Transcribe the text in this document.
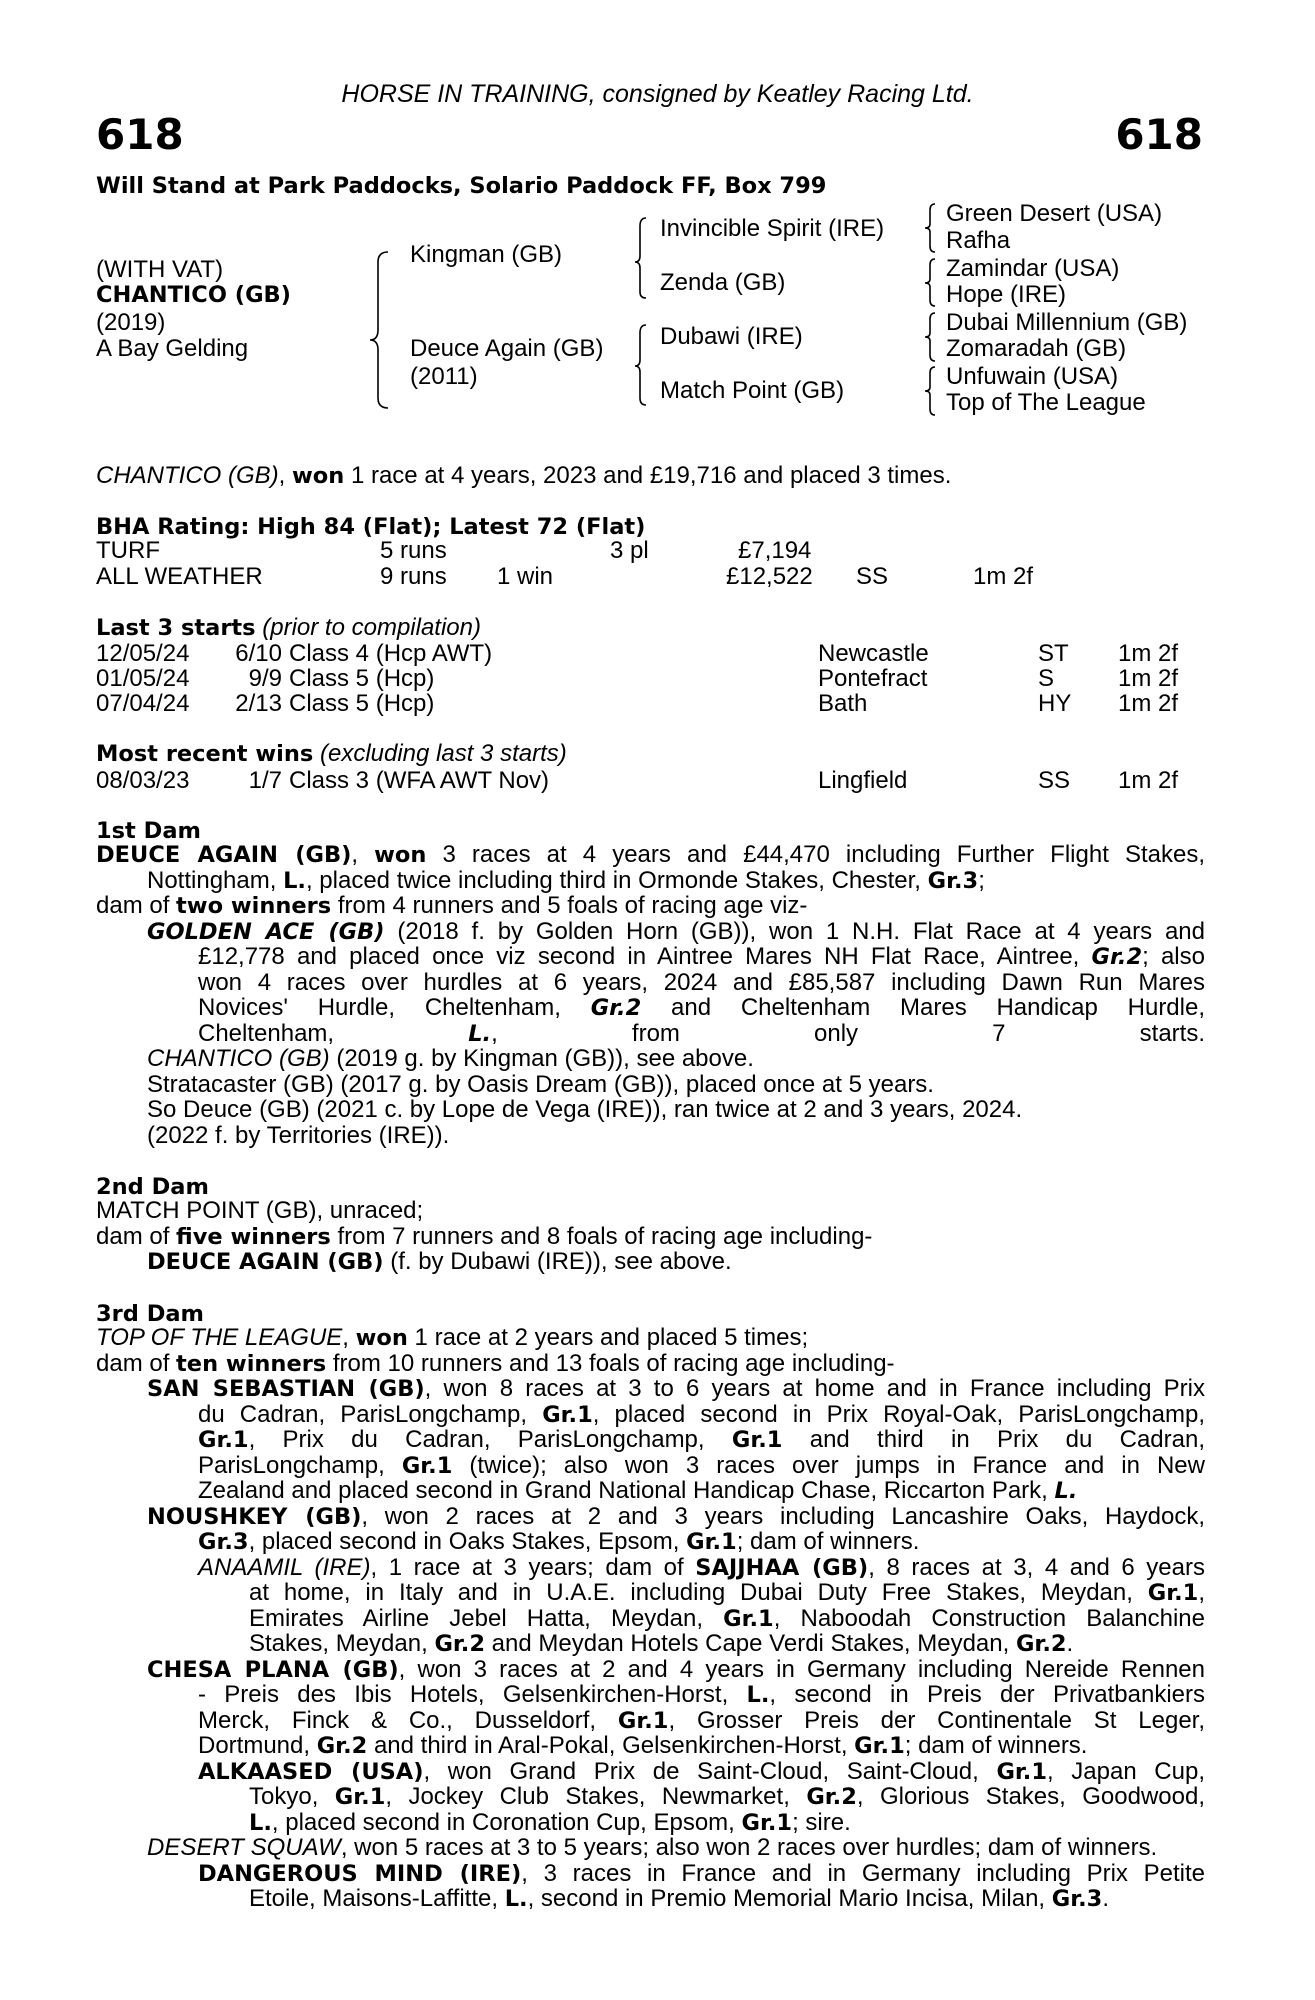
HORSE IN TRAINING, consigned by Keatley Racing Ltd.
618	618
Will Stand at Park Paddocks, Solario Paddock FF, Box 799
(WITH VAT)
CHANTICO (GB)
(2019)
A Bay Gelding
Kingman (GB)
Deuce Again (GB)
(2011)
Invincible Spirit (IRE)
Zenda (GB)
Dubawi (IRE)
Match Point (GB)
Green Desert (USA)
Rafha
Zamindar (USA)
Hope (IRE)
Dubai Millennium (GB)
Zomaradah (GB)
Unfuwain (USA)
Top of The League
CHANTICO (GB), won 1 race at 4 years, 2023 and £19,716 and placed 3 times.
BHA Rating: High 84 (Flat); Latest 72 (Flat)
TURF	5 runs	3 pl	£7,194
ALL WEATHER	9 runs 1 win	£12,522 SS	1m 2f
Last 3 starts (prior to compilation)
12/05/24	6/10 Class 4 (Hcp AWT)	Newcastle	ST 1m 2f
01/05/24	9/9 Class 5 (Hcp)	Pontefract	S	1m 2f
07/04/24	2/13 Class 5 (Hcp)	Bath	HY 1m 2f
Most recent wins (excluding last 3 starts)
08/03/23	1/7 Class 3 (WFA AWT Nov)	Lingfield	SS 1m 2f
1st Dam
DEUCE AGAIN (GB), won 3 races at 4 years and £44,470 including Further Flight Stakes,
Nottingham, L., placed twice including third in Ormonde Stakes, Chester, Gr.3;
dam of two winners from 4 runners and 5 foals of racing age viz-
GOLDEN ACE (GB) (2018 f. by Golden Horn (GB)), won 1 N.H. Flat Race at 4 years and
£12,778 and placed once viz second in Aintree Mares NH Flat Race, Aintree, Gr.2; also
won 4 races over hurdles at 6 years, 2024 and £85,587 including Dawn Run Mares
Novices' Hurdle, Cheltenham, Gr.2 and Cheltenham Mares Handicap Hurdle,
Cheltenham, L., from only 7 starts.
CHANTICO (GB) (2019 g. by Kingman (GB)), see above.
Stratacaster (GB) (2017 g. by Oasis Dream (GB)), placed once at 5 years.
So Deuce (GB) (2021 c. by Lope de Vega (IRE)), ran twice at 2 and 3 years, 2024.
(2022 f. by Territories (IRE)).
2nd Dam
MATCH POINT (GB), unraced;
dam of five winners from 7 runners and 8 foals of racing age including-
DEUCE AGAIN (GB) (f. by Dubawi (IRE)), see above.
3rd Dam
TOP OF THE LEAGUE, won 1 race at 2 years and placed 5 times;
dam of ten winners from 10 runners and 13 foals of racing age including-
SAN SEBASTIAN (GB), won 8 races at 3 to 6 years at home and in France including Prix
du Cadran, ParisLongchamp, Gr.1, placed second in Prix Royal-Oak, ParisLongchamp,
Gr.1, Prix du Cadran, ParisLongchamp, Gr.1 and third in Prix du Cadran,
ParisLongchamp, Gr.1 (twice); also won 3 races over jumps in France and in New
Zealand and placed second in Grand National Handicap Chase, Riccarton Park, L.
NOUSHKEY (GB), won 2 races at 2 and 3 years including Lancashire Oaks, Haydock,
Gr.3, placed second in Oaks Stakes, Epsom, Gr.1; dam of winners.
ANAAMIL (IRE), 1 race at 3 years; dam of SAJJHAA (GB), 8 races at 3, 4 and 6 years
at home, in Italy and in U.A.E. including Dubai Duty Free Stakes, Meydan, Gr.1,
Emirates Airline Jebel Hatta, Meydan, Gr.1, Naboodah Construction Balanchine
Stakes, Meydan, Gr.2 and Meydan Hotels Cape Verdi Stakes, Meydan, Gr.2.
CHESA PLANA (GB), won 3 races at 2 and 4 years in Germany including Nereide Rennen
- Preis des Ibis Hotels, Gelsenkirchen-Horst, L., second in Preis der Privatbankiers
Merck, Finck & Co., Dusseldorf, Gr.1, Grosser Preis der Continentale St Leger,
Dortmund, Gr.2 and third in Aral-Pokal, Gelsenkirchen-Horst, Gr.1; dam of winners.
ALKAASED (USA), won Grand Prix de Saint-Cloud, Saint-Cloud, Gr.1, Japan Cup,
Tokyo, Gr.1, Jockey Club Stakes, Newmarket, Gr.2, Glorious Stakes, Goodwood,
L., placed second in Coronation Cup, Epsom, Gr.1; sire.
DESERT SQUAW, won 5 races at 3 to 5 years; also won 2 races over hurdles; dam of winners.
DANGEROUS MIND (IRE), 3 races in France and in Germany including Prix Petite
Etoile, Maisons-Laffitte, L., second in Premio Memorial Mario Incisa, Milan, Gr.3.
